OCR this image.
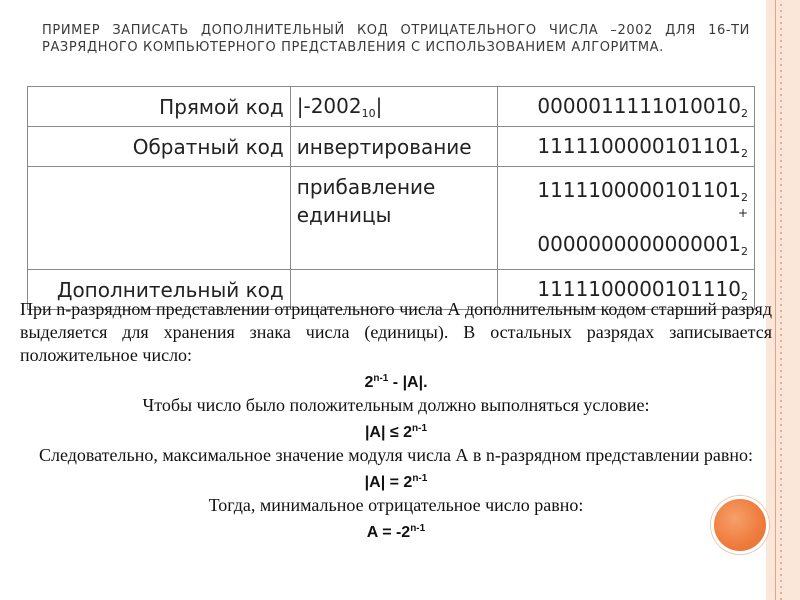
ПРИМЕР ЗАПИСАТЬ ДОПОЛНИТЕЛЬНЫЙ КОД ОТРИЦАТЕЛЬНОГО ЧИСЛА –2002 ДЛЯ 16-ТИ РАЗРЯДНОГО КОМПЬЮТЕРНОГО ПРЕДСТАВЛЕНИЯ С ИСПОЛЬЗОВАНИЕМ АЛГОРИТМА.
Прямой код	$|-2002_{10}|$	$0000011111010010_2$
Обратный код	инвертирование	$1111100000101101_2$
	прибавление единицы	$1111100000101101_2$
+
$0000000000000001_2$

Дополнительный код		$1111100000101110_2$

При n-разрядном представлении отрицательного числа А дополнительным кодом старший разряд выделяется для хранения знака числа (единицы). В остальных разрядах записывается положительное число:

2$^{n-1}$ - |A|.

Чтобы число было положительным должно выполняться условие:

$|A| \le 2^{n-1}$

Следовательно, максимальное значение модуля числа А в n-разрядном представлении равно:

$|A| = 2^{n-1}$

Тогда, минимальное отрицательное число равно:

$A = -2^{n-1}$
